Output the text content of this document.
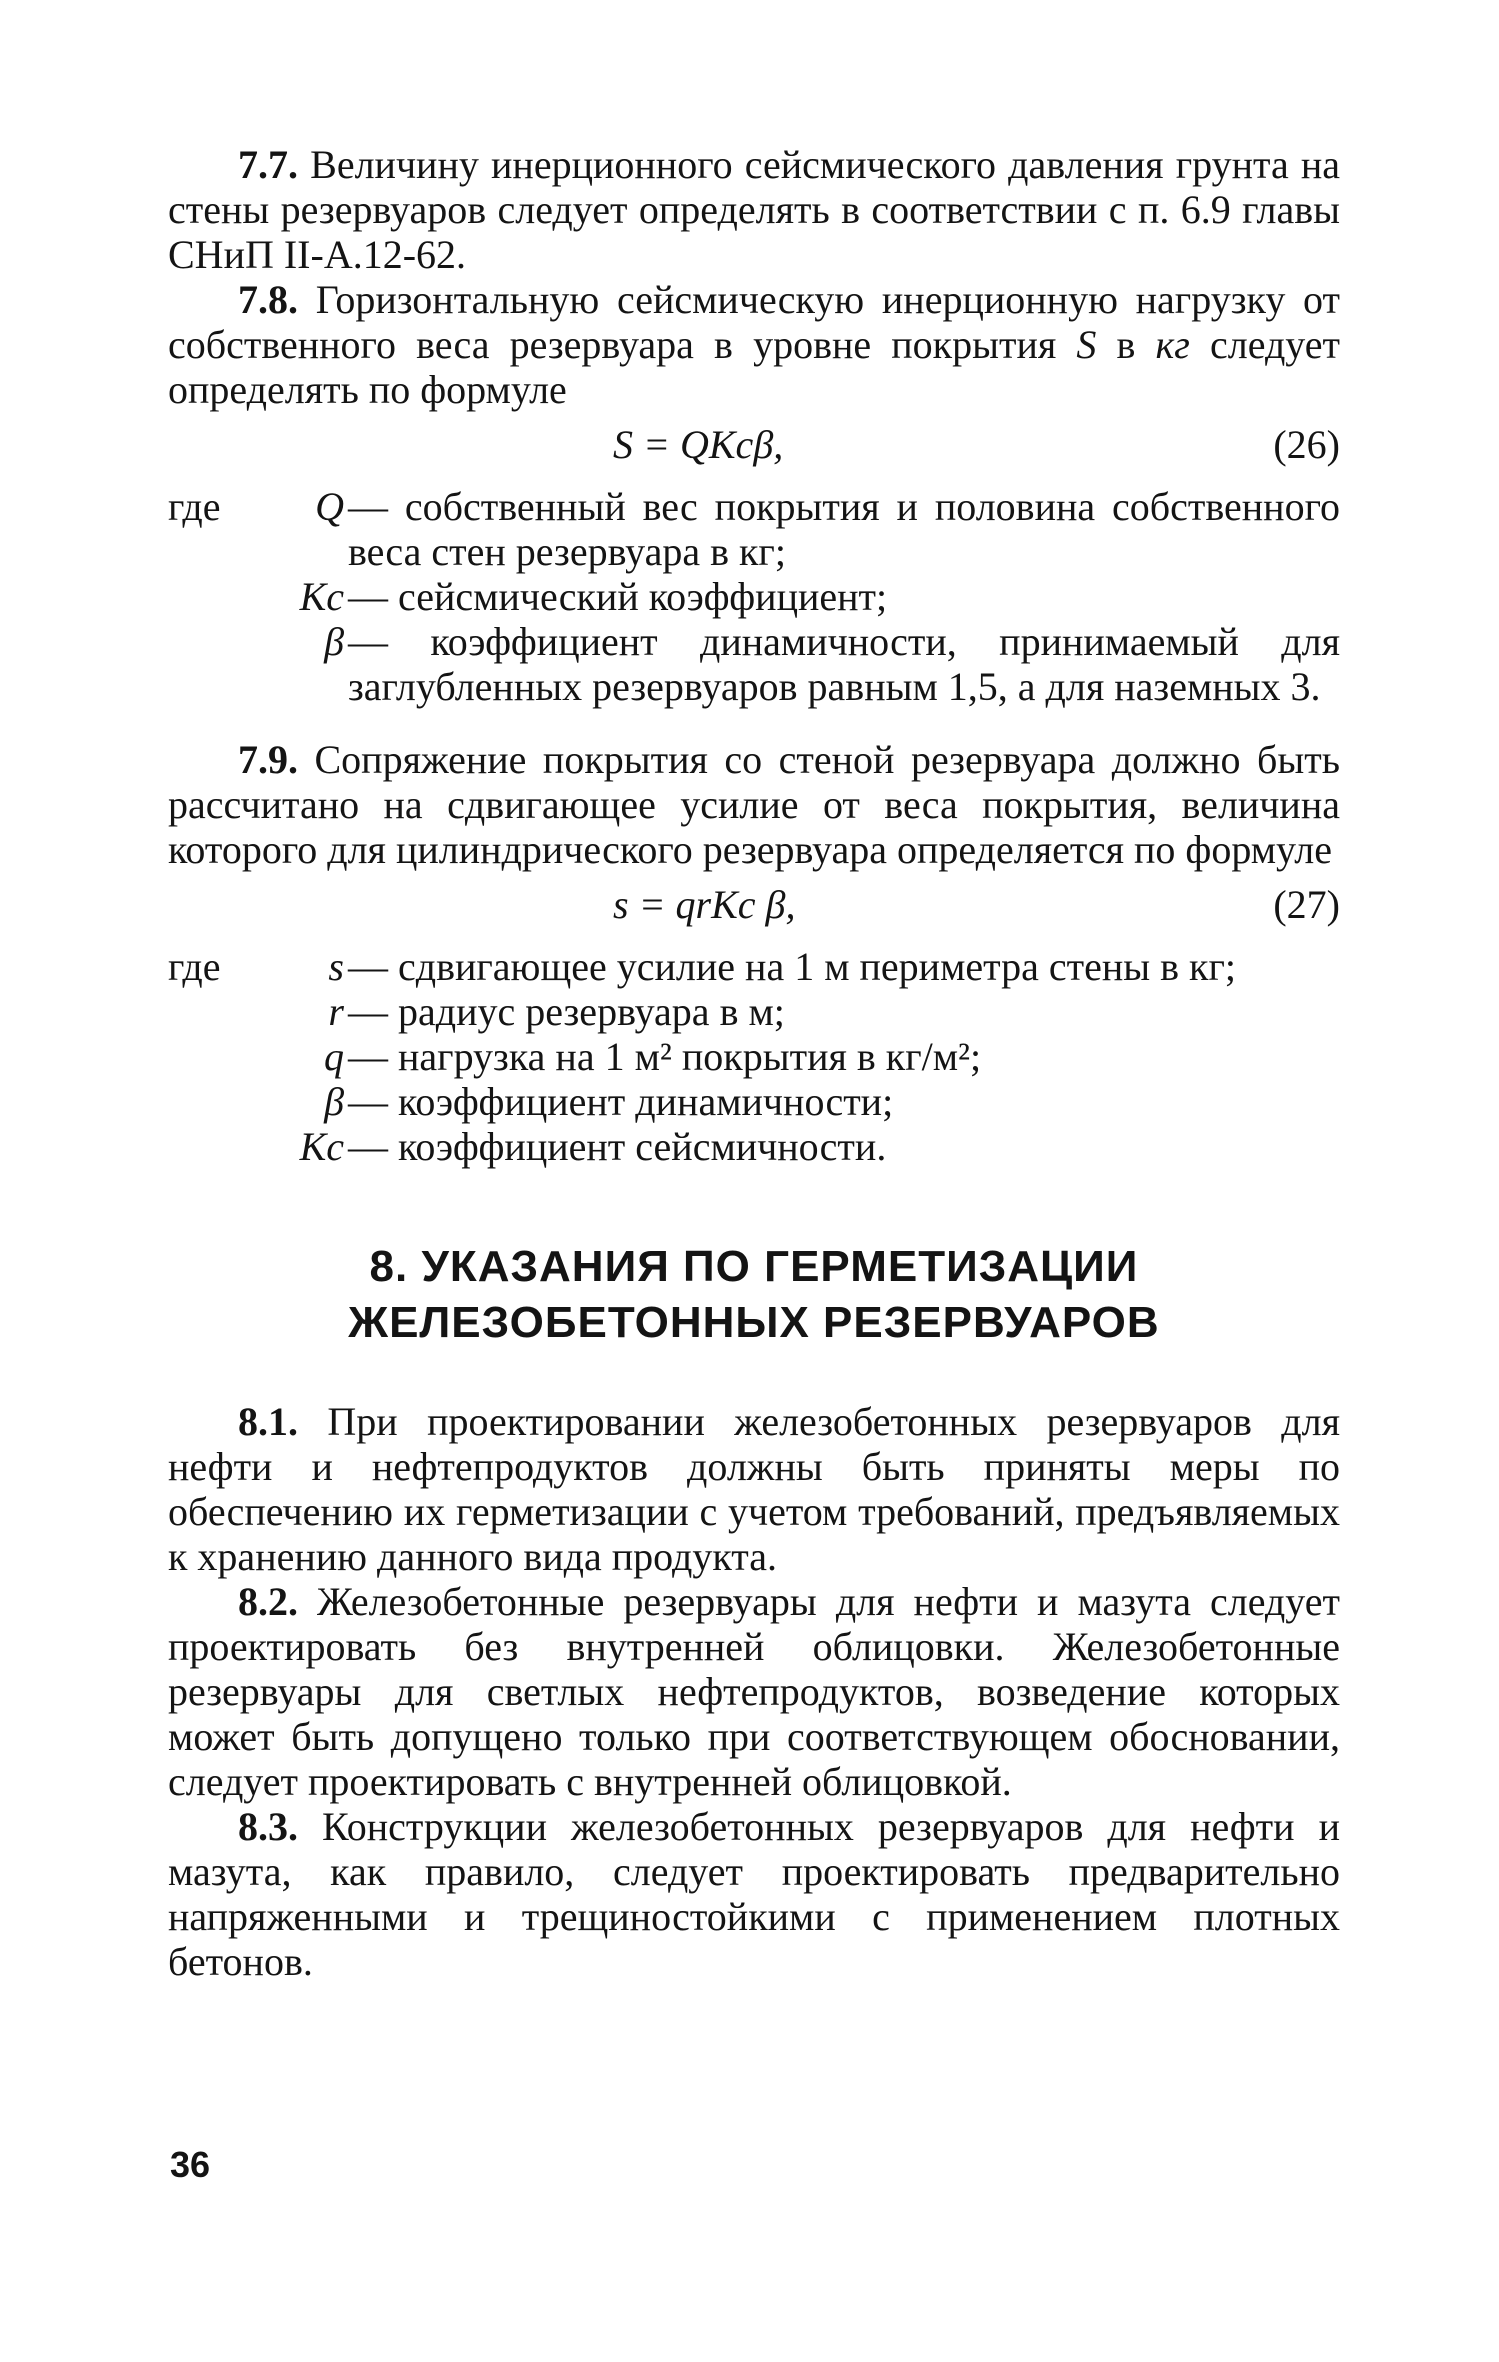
7.7. Величину инерционного сейсмического давления грунта на стены резервуаров следует определять в соответствии с п. 6.9 главы СНиП II-А.12-62.

7.8. Горизонтальную сейсмическую инерционную нагрузку от собственного веса резервуара в уровне покрытия S в кг следует определять по формуле

S = QKcβ,	(26)
где	Q — собственный вес покрытия и половина собственного веса стен резервуара в кг;
Kc — сейсмический коэффициент;
β — коэффициент динамичности, принимаемый для заглубленных резервуаров равным 1,5, а для наземных 3.

7.9. Сопряжение покрытия со стеной резервуара должно быть рассчитано на сдвигающее усилие от веса покрытия, величина которого для цилиндрического резервуара определяется по формуле

s = qrKc β,	(27)
где	s — сдвигающее усилие на 1 м периметра стены в кг;
r — радиус резервуара в м;
q — нагрузка на 1 м² покрытия в кг/м²;
β — коэффициент динамичности;
Kc — коэффициент сейсмичности.
8. УКАЗАНИЯ ПО ГЕРМЕТИЗАЦИИ
ЖЕЛЕЗОБЕТОННЫХ РЕЗЕРВУАРОВ

8.1. При проектировании железобетонных резервуаров для нефти и нефтепродуктов должны быть приняты меры по обеспечению их герметизации с учетом требований, предъявляемых к хранению данного вида продукта.

8.2. Железобетонные резервуары для нефти и мазута следует проектировать без внутренней облицовки. Железобетонные резервуары для светлых нефтепродуктов, возведение которых может быть допущено только при соответствующем обосновании, следует проектировать с внутренней облицовкой.

8.3. Конструкции железобетонных резервуаров для нефти и мазута, как правило, следует проектировать предварительно напряженными и трещиностойкими с применением плотных бетонов.

36
